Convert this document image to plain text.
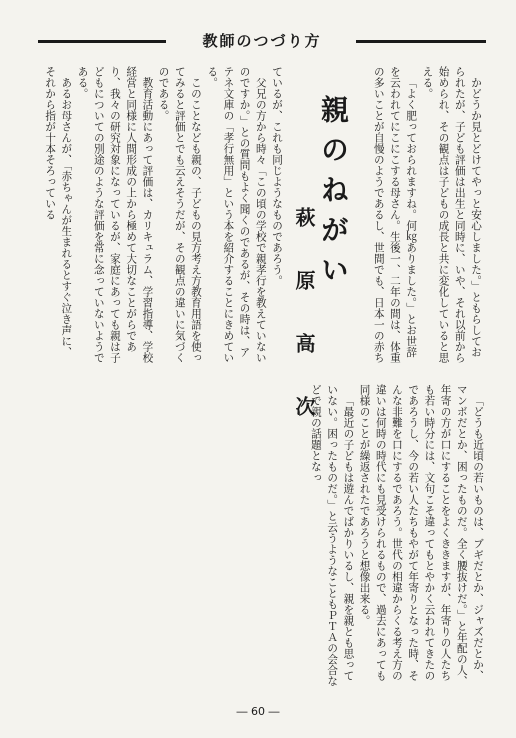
教師のつづり方

かどうか見とどけてやっと安心しました。」ともらしておられたが、子ども評価は出生と同時に、いや、それ以前から始められ、その観点は子どもの成長と共に変化していると思える。

「よく肥っておられますね。何㎏ありました。」とお世辞を云われてにこにこする母さん。生後一、二年の間は、体重の多いことが自慢のようであるし、世間でも、日本一の赤ち

親のねがい
萩 原 高 次

ているが、これも同じようなものであろう。

父兄の方から時々「この頃の学校で親孝行を教えていないのですか。」との質問もよく聞くのであるが、その時は、アテネ文庫の「孝行無用」という本を紹介することにきめている。

このことなども親の、子どもの見方考え方教育用語を使ってみると評価とでも云えそうだが、その観点の違いに気づくのである。

教育活動にあって評価は、カリキュラム、学習指導、学校経営と同様に人間形成の上から極めて大切なことがらであり、我々の研究対象になっているが、家庭にあっても親は子どもについての別途のような評価を常に念っていないようである。

あるお母さんが、「赤ちゃんが生まれるとすぐ泣き声に、それから指が十本そろっている

「どうも近頃の若いものは、ブギだとか、ジャズだとか、マンボだとか、困ったものだ。全く腰抜けだ。」と年配の人、年寄の方が口にすることをよくききますが、年寄りの人たちも若い時分には、文句こそ違ってもとやかく云われてきたのであろうし、今の若い人たちもやがて年寄りとなった時、そんな非難を口にするであろう。世代の相違からくる考え方の違いは何時の時代にも見受けられるもので、過去にあっても同様のことが繰返されたであろうと想像出来る。

「最近の子どもは遊んでばかりいるし、親を親とも思っていない。困ったものだ。」と云うようなこともＰＴＡの会合などで親の話題となっ

― 60 ―
